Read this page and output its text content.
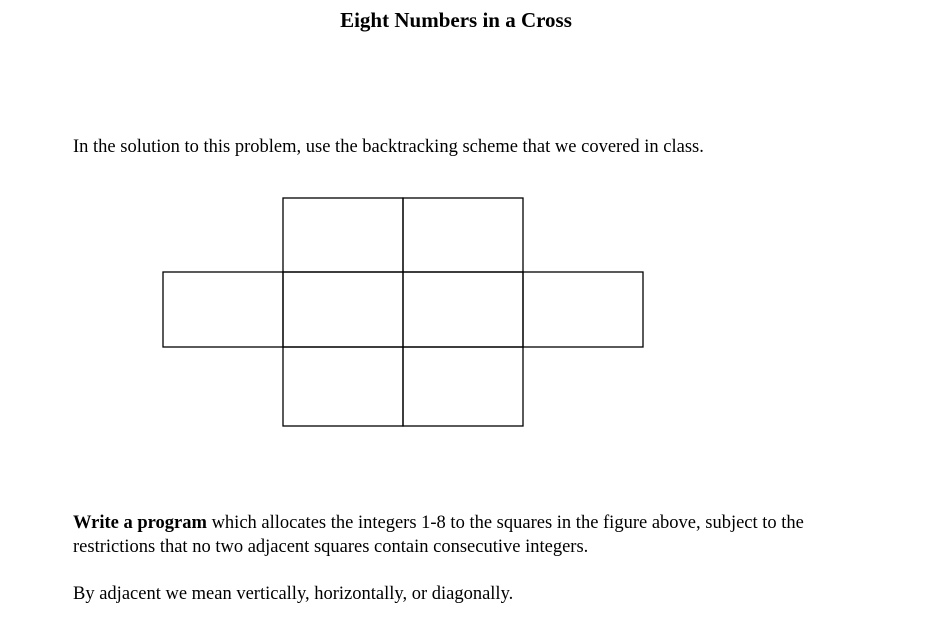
Eight Numbers in a Cross
In the solution to this problem, use the backtracking scheme that we covered in class.
Write a program which allocates the integers 1-8 to the squares in the figure above, subject to the restrictions that no two adjacent squares contain consecutive integers.
By adjacent we mean vertically, horizontally, or diagonally.
